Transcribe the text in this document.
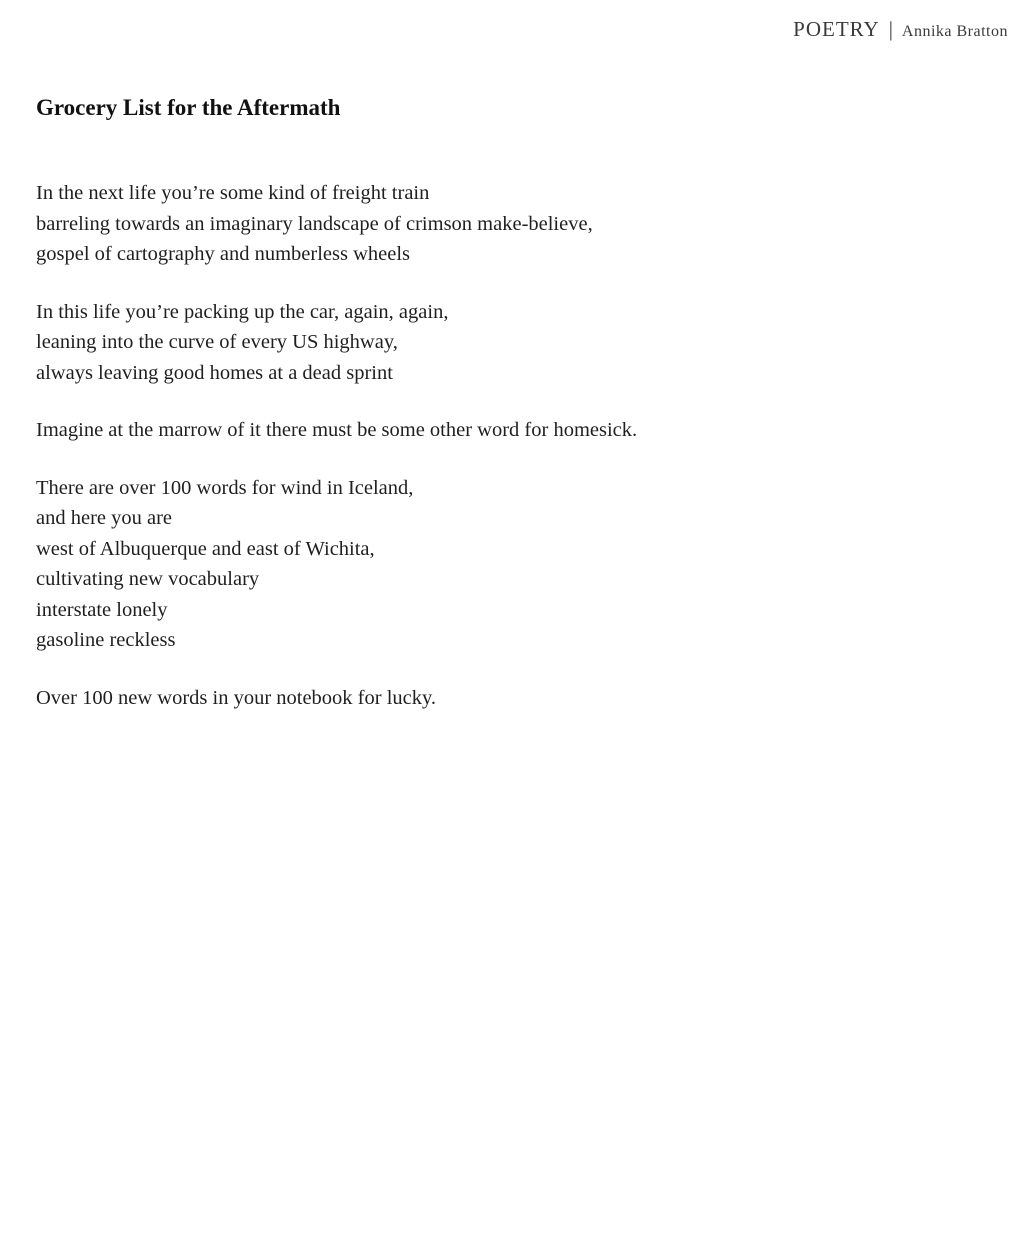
POETRY | Annika Bratton
Grocery List for the Aftermath
In the next life you’re some kind of freight train
barreling towards an imaginary landscape of crimson make-believe,
gospel of cartography and numberless wheels
In this life you’re packing up the car, again, again,
leaning into the curve of every US highway,
always leaving good homes at a dead sprint
Imagine at the marrow of it there must be some other word for homesick.
There are over 100 words for wind in Iceland,
and here you are
west of Albuquerque and east of Wichita,
cultivating new vocabulary
interstate lonely
gasoline reckless
Over 100 new words in your notebook for lucky.
